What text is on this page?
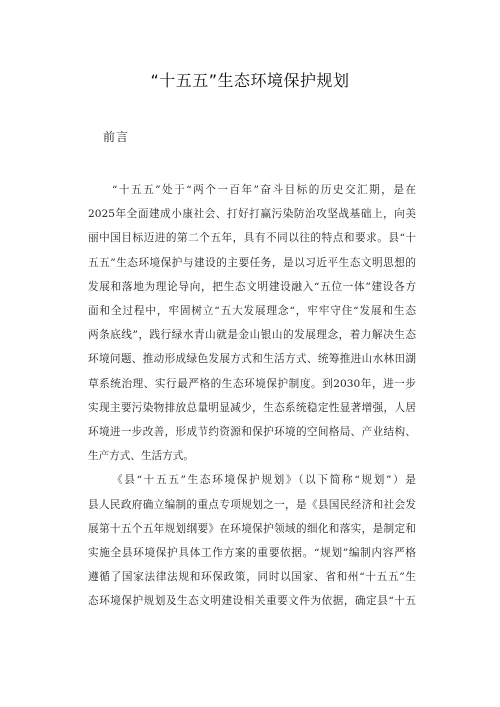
“十五五”生态环境保护规划
前言
“十五五”处于“两个一百年”奋斗目标的历史交汇期，是在
2025年全面建成小康社会、打好打赢污染防治攻坚战基础上，向美
丽中国目标迈进的第二个五年，具有不同以往的特点和要求。县“十
五五”生态环境保护与建设的主要任务，是以习近平生态文明思想的
发展和落地为理论导向，把生态文明建设融入“五位一体”建设各方
面和全过程中，牢固树立“五大发展理念“，牢牢守住“发展和生态
两条底线”，践行绿水青山就是金山银山的发展理念，着力解决生态
环境问题、推动形成绿色发展方式和生活方式、统筹推进山水林田湖
草系统治理、实行最严格的生态环境保护制度。到2030年，进一步
实现主要污染物排放总量明显减少，生态系统稳定性显著增强，人居
环境进一步改善，形成节约资源和保护环境的空间格局、产业结构、
生产方式、生活方式。
《县“十五五”生态环境保护规划》（以下简称“规划”）是
县人民政府确立编制的重点专项规划之一，是《县国民经济和社会发
展第十五个五年规划纲要》在环境保护领域的细化和落实，是制定和
实施全县环境保护具体工作方案的重要依据。“规划”编制内容严格
遵循了国家法律法规和环保政策，同时以国家、省和州“十五五”生
态环境保护规划及生态文明建设相关重要文件为依据，确定县“十五
